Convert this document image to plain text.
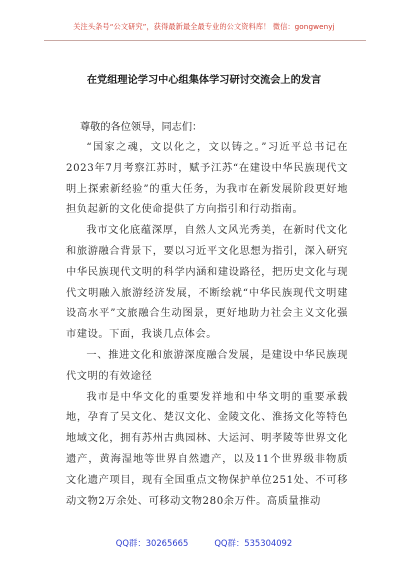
关注头条号“公文研究”，获得最新最全最专业的公文资料库！ 微信：gongwenyj
在党组理论学习中心组集体学习研讨交流会上的发言
尊敬的各位领导，同志们：

“国家之魂，文以化之，文以铸之。”习近平总书记在2023年7月考察江苏时，赋予江苏“在建设中华民族现代文明上探索新经验”的重大任务，为我市在新发展阶段更好地担负起新的文化使命提供了方向指引和行动指南。

我市文化底蕴深厚，自然人文风光秀美，在新时代文化和旅游融合背景下，要以习近平文化思想为指引，深入研究中华民族现代文明的科学内涵和建设路径，把历史文化与现代文明融入旅游经济发展，不断绘就“中华民族现代文明建设高水平”文旅融合生动图景，更好地助力社会主义文化强市建设。下面，我谈几点体会。

一、推进文化和旅游深度融合发展，是建设中华民族现代文明的有效途径

我市是中华文化的重要发祥地和中华文明的重要承载地，孕育了吴文化、楚汉文化、金陵文化、淮扬文化等特色地域文化，拥有苏州古典园林、大运河、明孝陵等世界文化遗产，黄海湿地等世界自然遗产，以及11个世界级非物质文化遗产项目，现有全国重点文物保护单位251处、不可移动文物2万余处、可移动文物280余万件。高质量推动

QQ群：30265665	QQ群：535304092
